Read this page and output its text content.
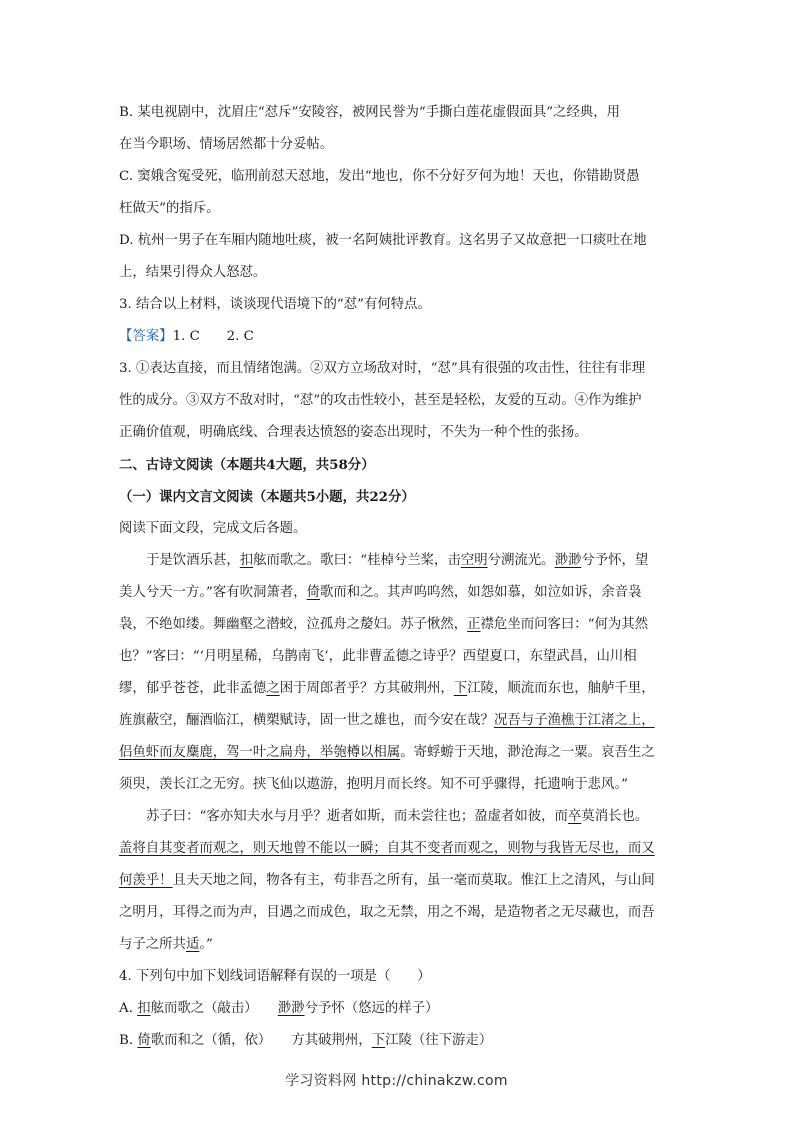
B. 某电视剧中，沈眉庄“怼斥”安陵容，被网民誉为“手撕白莲花虚假面具”之经典，用
在当今职场、情场居然都十分妥帖。
C. 窦娥含冤受死，临刑前怼天怼地，发出“地也，你不分好歹何为地！天也，你错勘贤愚
枉做天”的指斥。
D. 杭州一男子在车厢内随地吐痰，被一名阿姨批评教育。这名男子又故意把一口痰吐在地
上，结果引得众人怒怼。
3. 结合以上材料，谈谈现代语境下的“怼”有何特点。
【答案】1. C　　2. C
3. ①表达直接，而且情绪饱满。②双方立场敌对时，“怼”具有很强的攻击性，往往有非理
性的成分。③双方不敌对时，“怼”的攻击性较小，甚至是轻松，友爱的互动。④作为维护
正确价值观，明确底线、合理表达愤怒的姿态出现时，不失为一种个性的张扬。
二、古诗文阅读（本题共4大题，共58分）
（一）课内文言文阅读（本题共5小题，共22分）
阅读下面文段，完成文后各题。
于是饮酒乐甚，扣舷而歌之。歌曰：“桂棹兮兰桨，击空明兮溯流光。渺渺兮予怀，望
美人兮天一方。”客有吹洞箫者，倚歌而和之。其声呜呜然，如怨如慕，如泣如诉，余音袅
袅，不绝如缕。舞幽壑之潜蛟，泣孤舟之嫠妇。苏子愀然，正襟危坐而问客曰：“何为其然
也？”客曰：“‘月明星稀，乌鹊南飞’，此非曹孟德之诗乎？西望夏口，东望武昌，山川相
缪，郁乎苍苍，此非孟德之困于周郎者乎？方其破荆州，下江陵，顺流而东也，舳舻千里，
旌旗蔽空，酾酒临江，横槊赋诗，固一世之雄也，而今安在哉？况吾与子渔樵于江渚之上，
侣鱼虾而友麋鹿，驾一叶之扁舟，举匏樽以相属。寄蜉蝣于天地，渺沧海之一粟。哀吾生之
须臾，羡长江之无穷。挟飞仙以遨游，抱明月而长终。知不可乎骤得，托遗响于悲风。”
苏子曰：“客亦知夫水与月乎？逝者如斯，而未尝往也；盈虚者如彼，而卒莫消长也。
盖将自其变者而观之，则天地曾不能以一瞬；自其不变者而观之，则物与我皆无尽也，而又
何羡乎！且夫天地之间，物各有主，苟非吾之所有，虽一毫而莫取。惟江上之清风，与山间
之明月，耳得之而为声，目遇之而成色，取之无禁，用之不竭，是造物者之无尽藏也，而吾
与子之所共适。”
4. 下列句中加下划线词语解释有误的一项是（　　）
A. 扣舷而歌之（敲击）　　渺渺兮予怀（悠远的样子）
B. 倚歌而和之（循，依）　　方其破荆州，下江陵（往下游走）
学习资料网 http://chinakzw.com
